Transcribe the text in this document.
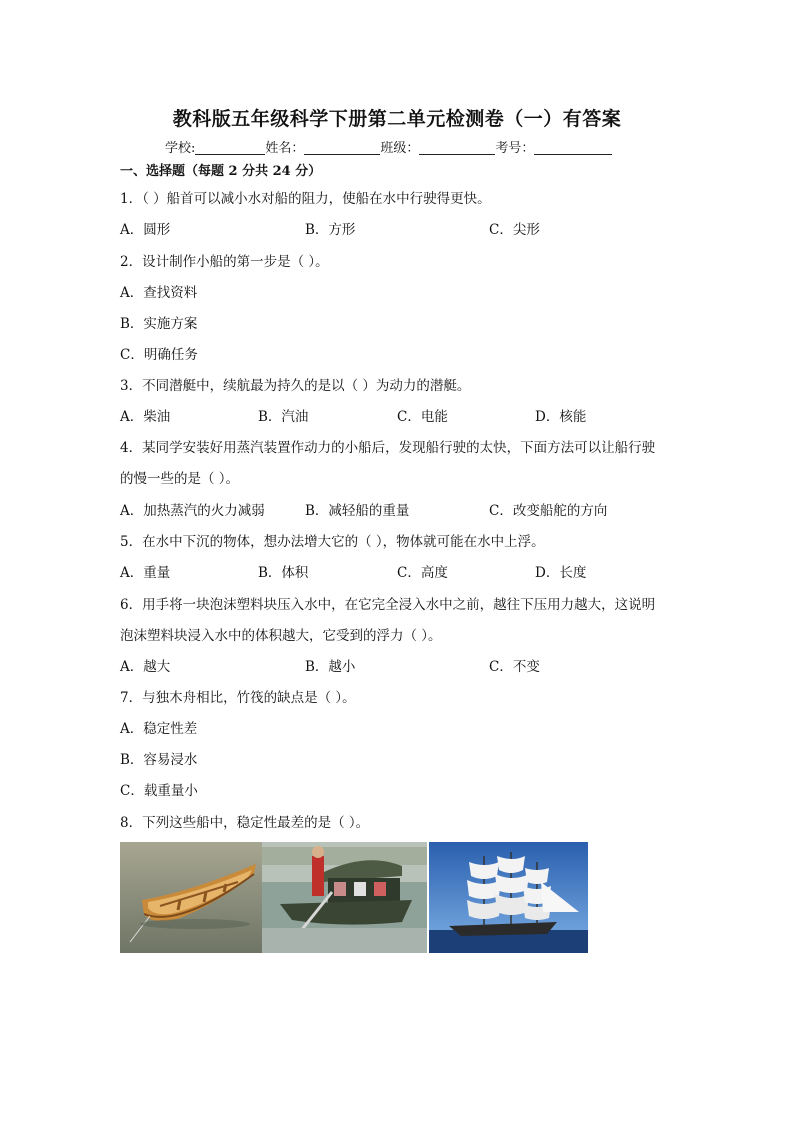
教科版五年级科学下册第二单元检测卷（一）有答案
学校:	姓名：	班级：	考号：
一、选择题（每题 2 分共 24 分）
1．（ ）船首可以减小水对船的阻力，使船在水中行驶得更快。
A．圆形	B．方形	C．尖形
2．设计制作小船的第一步是（ ）。
A．查找资料
B．实施方案
C．明确任务
3．不同潜艇中，续航最为持久的是以（ ）为动力的潜艇。
A．柴油	B．汽油	C．电能	D．核能
4．某同学安装好用蒸汽装置作动力的小船后，发现船行驶的太快，下面方法可以让船行驶
的慢一些的是（ ）。
A．加热蒸汽的火力减弱	B．减轻船的重量	C．改变船舵的方向
5．在水中下沉的物体，想办法增大它的（ ），物体就可能在水中上浮。
A．重量	B．体积	C．高度	D．长度
6．用手将一块泡沫塑料块压入水中，在它完全浸入水中之前，越往下压用力越大，这说明
泡沫塑料块浸入水中的体积越大，它受到的浮力（ ）。
A．越大	B．越小	C．不变
7．与独木舟相比，竹筏的缺点是（ ）。
A．稳定性差
B．容易浸水
C．载重量小
8．下列这些船中，稳定性最差的是（ ）。
